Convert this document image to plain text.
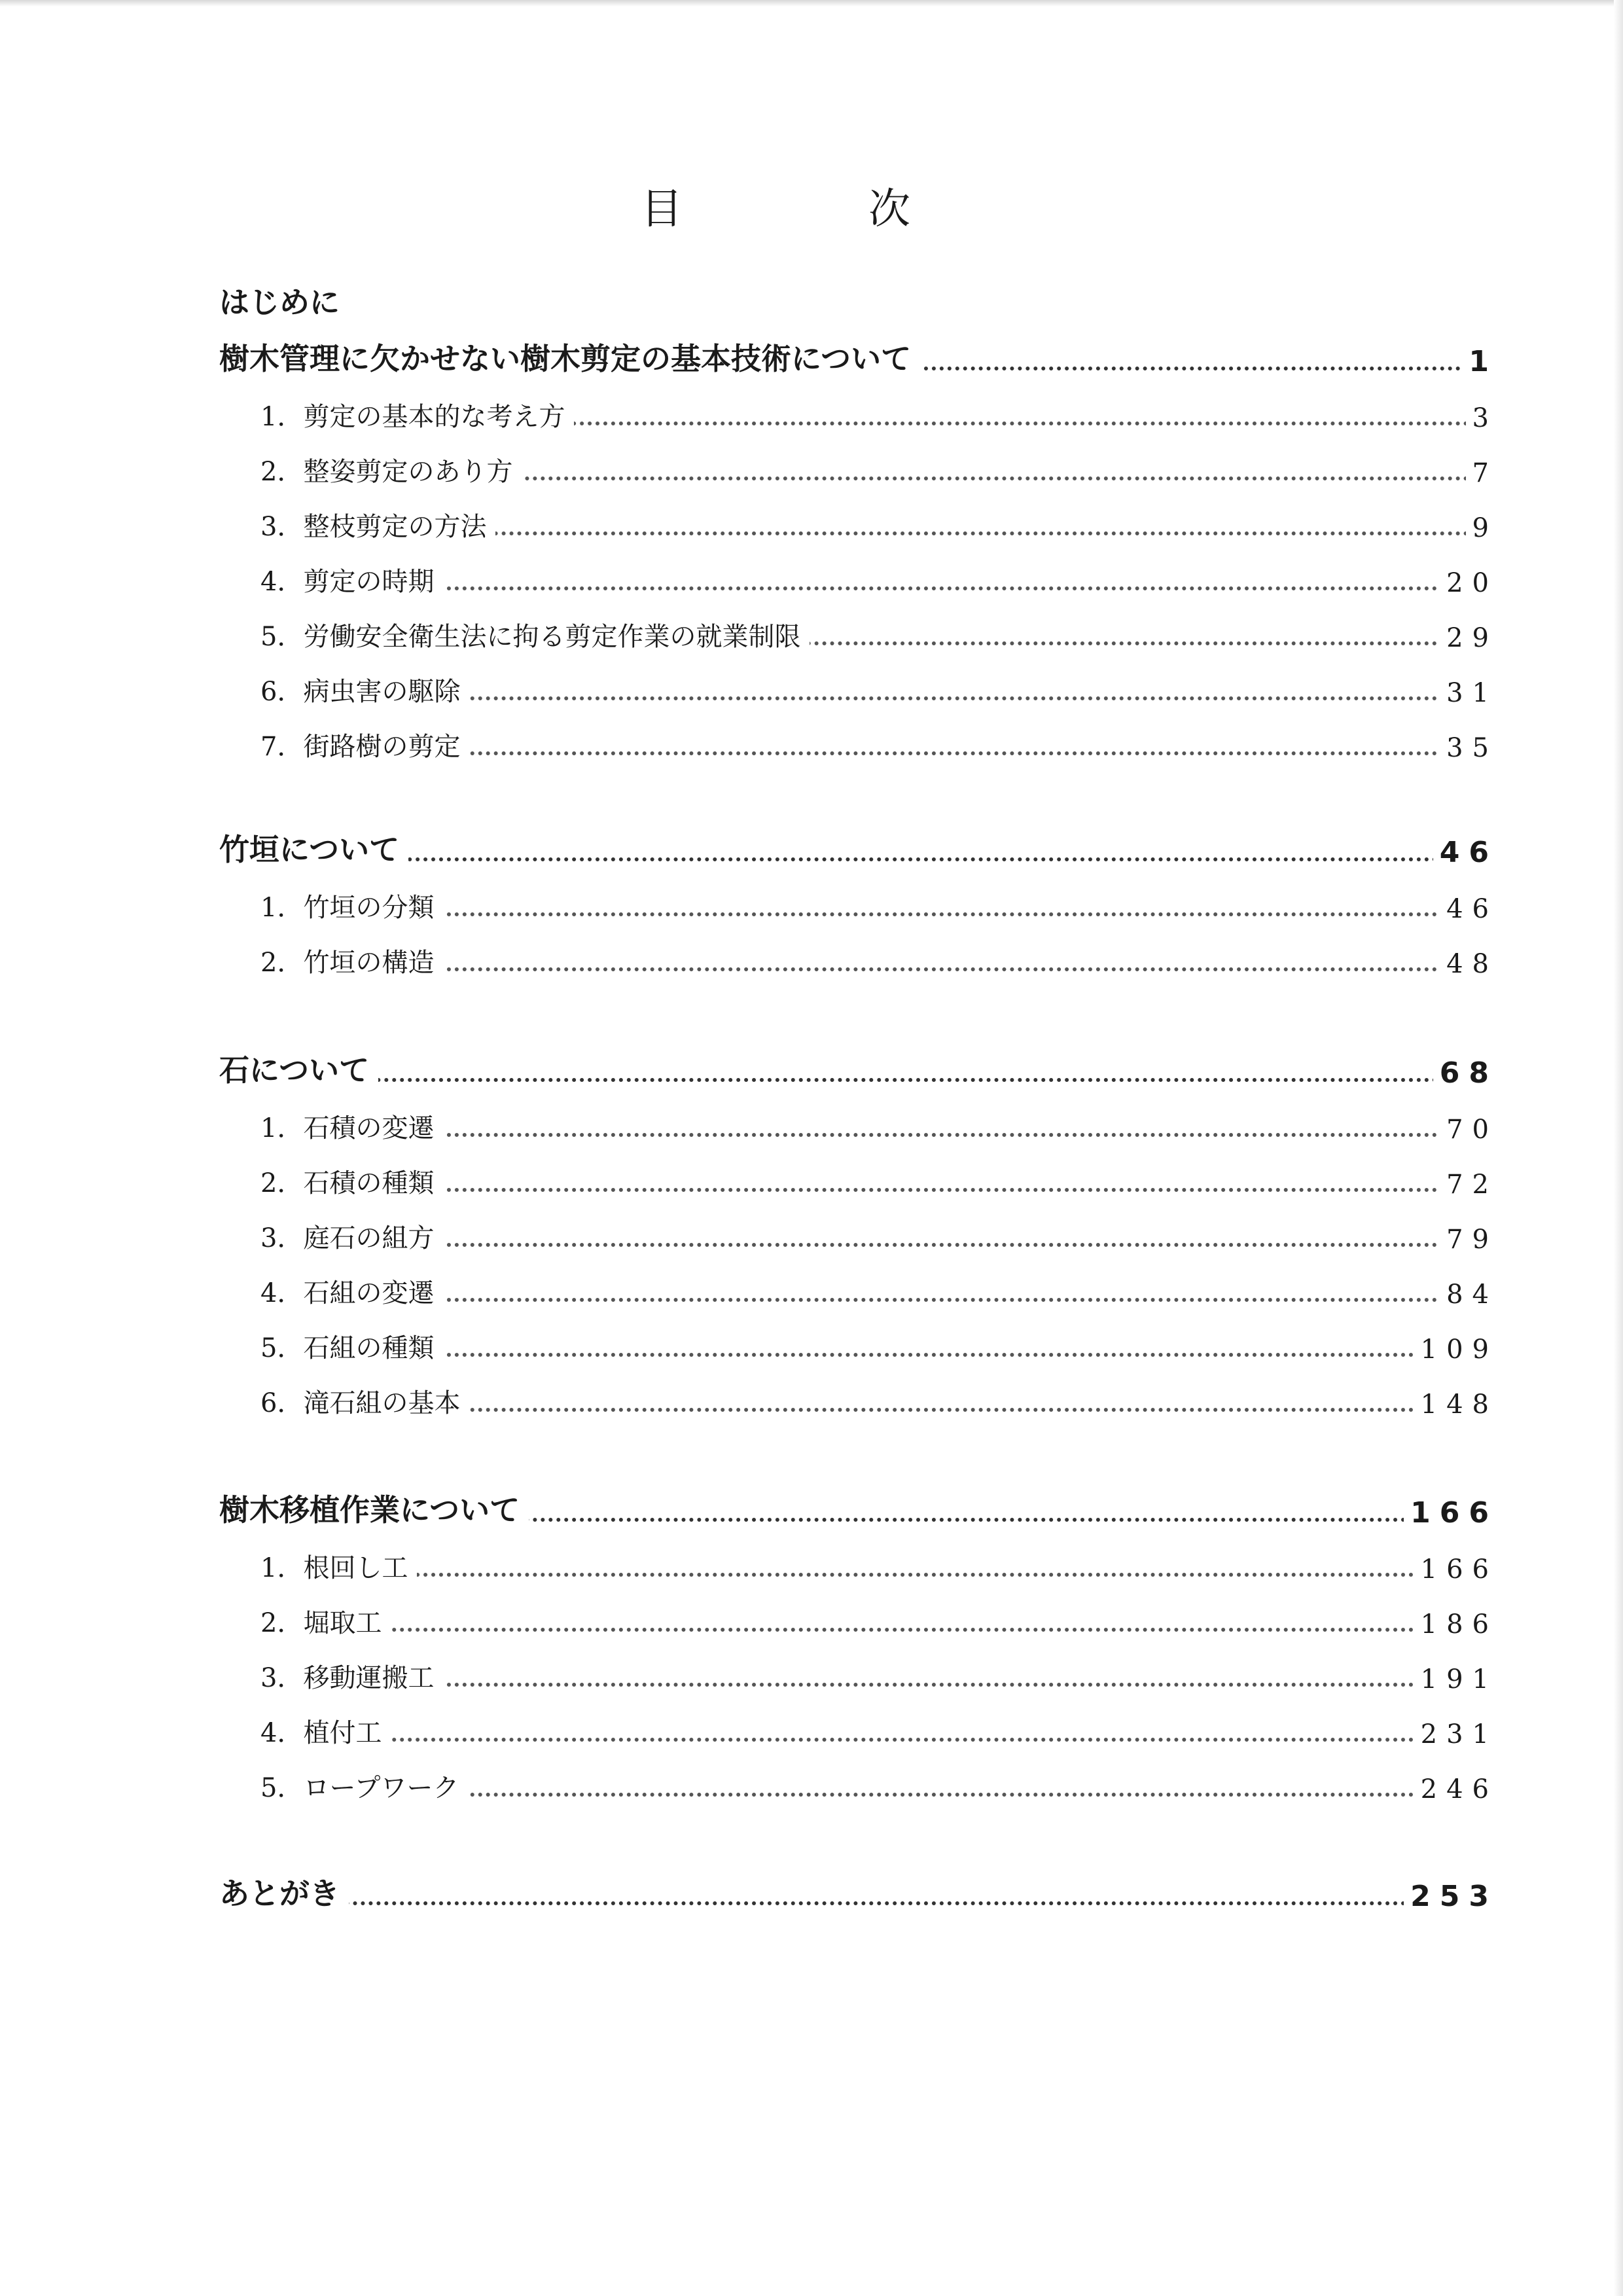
目　次
はじめに
樹木管理に欠かせない樹木剪定の基本技術について	1
1．剪定の基本的な考え方	3
2．整姿剪定のあり方	7
3．整枝剪定の方法	9
4．剪定の時期	20
5．労働安全衛生法に拘る剪定作業の就業制限	29
6．病虫害の駆除	31
7．街路樹の剪定	35
竹垣について	46
1．竹垣の分類	46
2．竹垣の構造	48
石について	68
1．石積の変遷	70
2．石積の種類	72
3．庭石の組方	79
4．石組の変遷	84
5．石組の種類	109
6．滝石組の基本	148
樹木移植作業について	166
1．根回し工	166
2．堀取工	186
3．移動運搬工	191
4．植付工	231
5．ロープワーク	246
あとがき	253
